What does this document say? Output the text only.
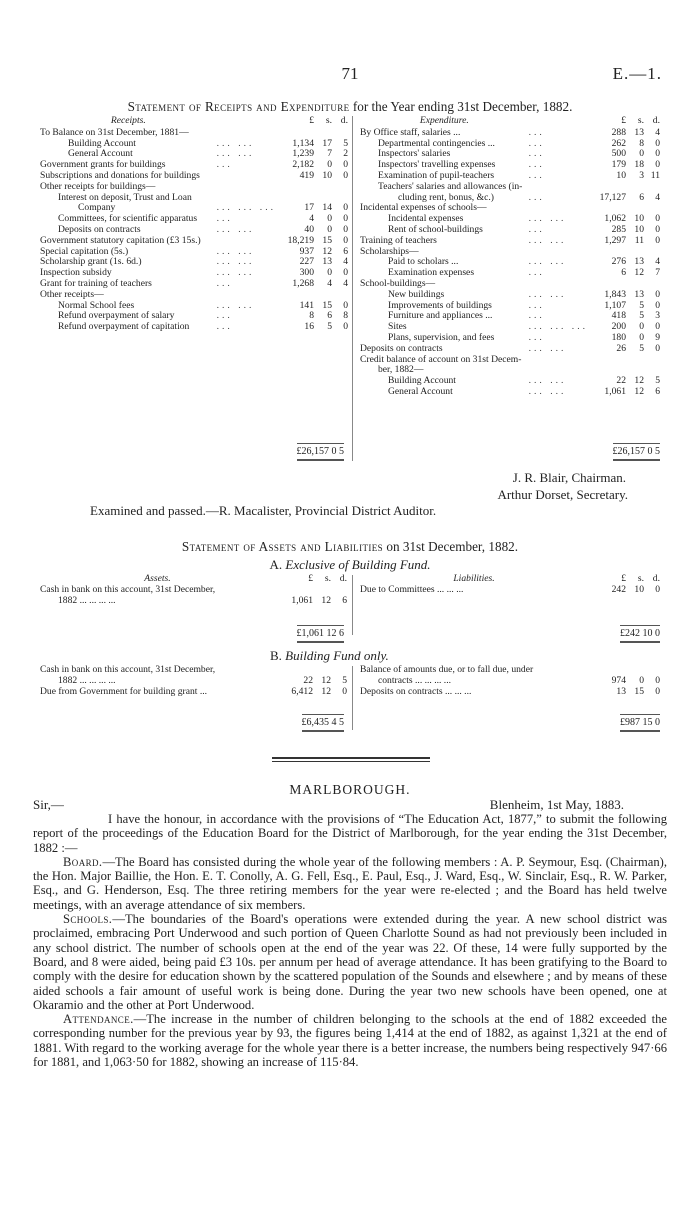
71	E.—1.
Statement of Receipts and Expenditure for the Year ending 31st December, 1882.
Receipts.		£	s.	d.
To Balance on 31st December, 1881—				
Building Account	... ...	1,134	17	5
General Account	... ...	1,239	7	2
Government grants for buildings	...	2,182	0	0
Subscriptions and donations for buildings		419	10	0
Other receipts for buildings—				
Interest on deposit, Trust and Loan				
Company	... ... ...	17	14	0
Committees, for scientific apparatus	...	4	0	0
Deposits on contracts	... ...	40	0	0
Government statutory capitation (£3 15s.)		18,219	15	0
Special capitation (5s.)	... ...	937	12	6
Scholarship grant (1s. 6d.)	... ...	227	13	4
Inspection subsidy	... ...	300	0	0
Grant for training of teachers	...	1,268	4	4
Other receipts—				
Normal School fees	... ...	141	15	0
Refund overpayment of salary	...	8	6	8
Refund overpayment of capitation	...	16	5	0
Expenditure.		£	s.	d.
By Office staff, salaries ...	...	288	13	4
Departmental contingencies ...	...	262	8	0
Inspectors' salaries	...	500	0	0
Inspectors' travelling expenses	...	179	18	0
Examination of pupil-teachers	...	10	3	11
Teachers' salaries and allowances (in-				
cluding rent, bonus, &c.)	...	17,127	6	4
Incidental expenses of schools—				
Incidental expenses	... ...	1,062	10	0
Rent of school-buildings	...	285	10	0
Training of teachers	... ...	1,297	11	0
Scholarships—				
Paid to scholars ...	... ...	276	13	4
Examination expenses	...	6	12	7
School-buildings—				
New buildings	... ...	1,843	13	0
Improvements of buildings	...	1,107	5	0
Furniture and appliances ...	...	418	5	3
Sites	... ... ...	200	0	0
Plans, supervision, and fees	...	180	0	9
Deposits on contracts	... ...	26	5	0
Credit balance of account on 31st Decem-				
ber, 1882—				
Building Account	... ...	22	12	5
General Account	... ...	1,061	12	6
£26,157 0 5	£26,157 0 5
J. R. Blair, Chairman.
Arthur Dorset, Secretary.
Examined and passed.—R. Macalister, Provincial District Auditor.
Statement of Assets and Liabilities on 31st December, 1882.
A. Exclusive of Building Fund.
Assets.	£	s.	d.
Cash in bank on this account, 31st December,			
1882 ... ... ... ...	1,061	12	6
Liabilities.	£	s.	d.
Due to Committees ... ... ...	242	10	0
£1,061 12 6	£242 10 0
B. Building Fund only.
Cash in bank on this account, 31st December,			
1882 ... ... ... ...	22	12	5
Due from Government for building grant ...	6,412	12	0
Balance of amounts due, or to fall due, under			
contracts ... ... ... ...	974	0	0
Deposits on contracts ... ... ...	13	15	0
£6,435 4 5	£987 15 0
MARLBOROUGH.
Sir,—	Blenheim, 1st May, 1883.

I have the honour, in accordance with the provisions of “The Education Act, 1877,” to submit the following report of the proceedings of the Education Board for the District of Marlborough, for the year ending the 31st December, 1882 :—

Board.—The Board has consisted during the whole year of the following members : A. P. Seymour, Esq. (Chairman), the Hon. Major Baillie, the Hon. E. T. Conolly, A. G. Fell, Esq., E. Paul, Esq., J. Ward, Esq., W. Sinclair, Esq., R. W. Parker, Esq., and G. Henderson, Esq. The three retiring members for the year were re-elected ; and the Board has held twelve meetings, with an average attendance of six members.

Schools.—The boundaries of the Board's operations were extended during the year. A new school district was proclaimed, embracing Port Underwood and such portion of Queen Charlotte Sound as had not previously been included in any school district. The number of schools open at the end of the year was 22. Of these, 14 were fully supported by the Board, and 8 were aided, being paid £3 10s. per annum per head of average attendance. It has been gratifying to the Board to comply with the desire for education shown by the scattered population of the Sounds and elsewhere ; and by means of these aided schools a fair amount of useful work is being done. During the year two new schools have been opened, one at Okaramio and the other at Port Underwood.

Attendance.—The increase in the number of children belonging to the schools at the end of 1882 exceeded the corresponding number for the previous year by 93, the figures being 1,414 at the end of 1882, as against 1,321 at the end of 1881. With regard to the working average for the whole year there is a better increase, the numbers being respectively 947·66 for 1881, and 1,063·50 for 1882, showing an increase of 115·84.
